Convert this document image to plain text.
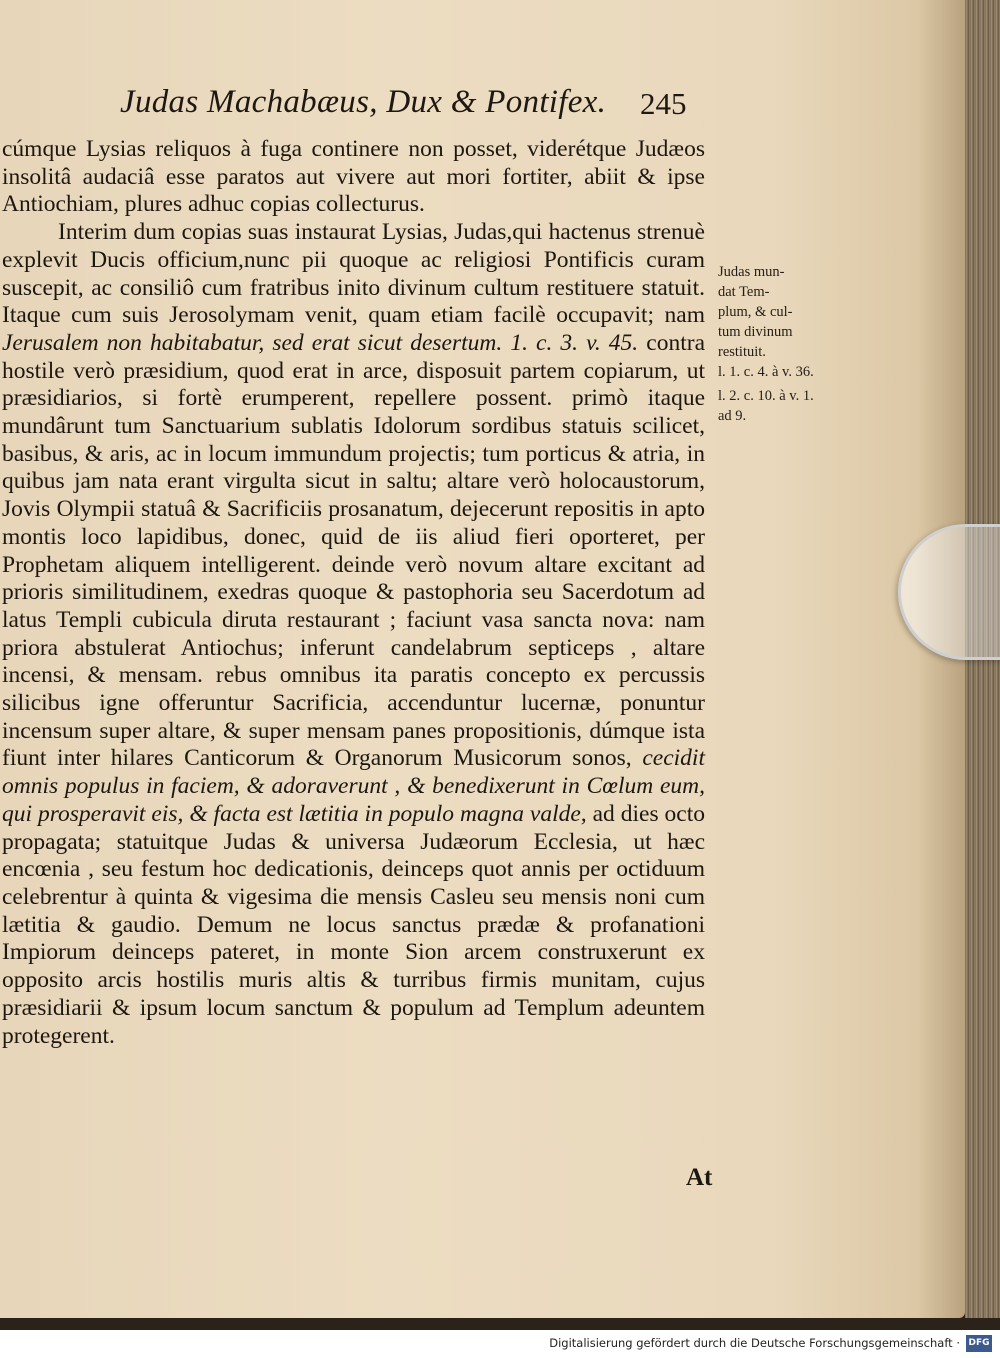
Judas Machabæus, Dux & Pontifex. 245

cúmque Lysias reliquos à fuga continere non posset, viderétque Judæos insolitâ audaciâ esse paratos aut vivere aut mori fortiter, abiit & ipse Antiochiam, plures adhuc copias collecturus.

Interim dum copias suas instaurat Lysias, Judas,qui hactenus strenuè explevit Ducis officium,nunc pii quoque ac religiosi Pontificis curam suscepit, ac consiliô cum fratribus inito divinum cultum restituere statuit. Itaque cum suis Jerosolymam venit, quam etiam facilè occupavit; nam Jerusalem non habitabatur, sed erat sicut desertum. 1. c. 3. v. 45. contra hostile verò præsidium, quod erat in arce, disposuit partem copiarum, ut præsidiarios, si fortè erumperent, repellere possent. primò itaque mundârunt tum Sanctuarium sublatis Idolorum sordibus statuis scilicet, basibus, & aris, ac in locum immundum projectis; tum porticus & atria, in quibus jam nata erant virgulta sicut in saltu; altare verò holocaustorum, Jovis Olympii statuâ & Sacrificiis prosanatum, dejecerunt repositis in apto montis loco lapidibus, donec, quid de iis aliud fieri oporteret, per Prophetam aliquem intelligerent. deinde verò novum altare excitant ad prioris similitudinem, exedras quoque & pastophoria seu Sacerdotum ad latus Templi cubicula diruta restaurant ; faciunt vasa sancta nova: nam priora abstulerat Antiochus; inferunt candelabrum septiceps , altare incensi, & mensam. rebus omnibus ita paratis concepto ex percussis silicibus igne offeruntur Sacrificia, accenduntur lucernæ, ponuntur incensum super altare, & super mensam panes propositionis, dúmque ista fiunt inter hilares Canticorum & Organorum Musicorum sonos, cecidit omnis populus in faciem, & adoraverunt , & benedixerunt in Cœlum eum, qui prosperavit eis, & facta est lætitia in populo magna valde, ad dies octo propagata; statuitque Judas & universa Judæorum Ecclesia, ut hæc encœnia , seu festum hoc dedicationis, deinceps quot annis per octiduum celebrentur à quinta & vigesima die mensis Casleu seu mensis noni cum lætitia & gaudio. Demum ne locus sanctus prædæ & profanationi Impiorum deinceps pateret, in monte Sion arcem construxerunt ex opposito arcis hostilis muris altis & turribus firmis munitam, cujus præsidiarii & ipsum locum sanctum & populum ad Templum adeuntem protegerent.

Judas mun-
dat Tem-
plum, & cul-
tum divinum
restituit.
l. 1. c. 4. à v. 36.
l. 2. c. 10. à v. 1. ad 9.
At
Digitalisierung gefördert durch die Deutsche Forschungsgemeinschaft · DFG
